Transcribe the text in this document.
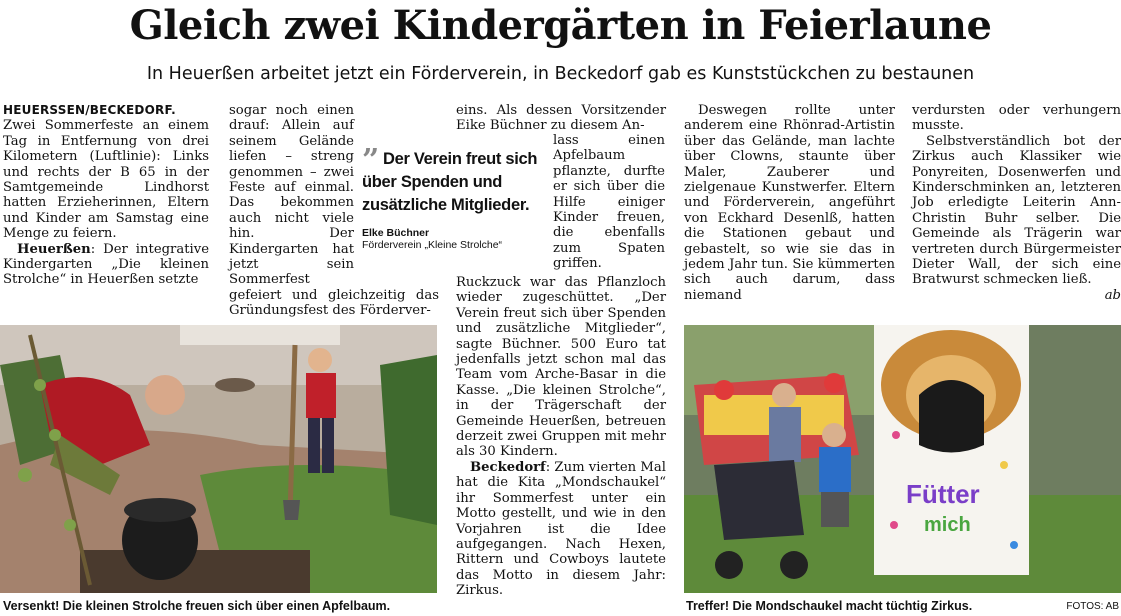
Gleich zwei Kindergärten in Feierlaune
In Heuerßen arbeitet jetzt ein Förderverein, in Beckedorf gab es Kunststückchen zu bestaunen

HEUERSSEN/BECKEDORF.

Zwei Sommerfeste an einem Tag in Entfernung von drei Kilometern (Luftlinie): Links und rechts der B 65 in der Samtgemeinde Lindhorst hatten Erzieherinnen, Eltern und Kinder am Samstag eine Menge zu feiern.

Heuerßen: Der integrative Kindergarten „Die kleinen Strolche“ in Heuerßen setzte

sogar noch einen drauf: Allein auf seinem Gelände liefen – streng genommen – zwei Feste auf einmal. Das bekommen auch nicht viele hin. Der Kindergarten hat jetzt sein Sommerfest

gefeiert und gleichzeitig das Gründungsfest des Förderver-

” Der Verein freut sich über Spenden und zusätzliche Mitglieder.
Elke Büchner
Förderverein „Kleine Strolche“

eins. Als dessen Vorsitzender Eike Büchner zu diesem An-

lass einen Apfelbaum pflanzte, durfte er sich über die Hilfe einiger Kinder freuen, die ebenfalls zum Spaten griffen.

Ruckzuck war das Pflanzloch wieder zugeschüttet. „Der Verein freut sich über Spenden und zusätzliche Mitglieder“, sagte Büchner. 500 Euro tat jedenfalls jetzt schon mal das Team vom Arche-Basar in die Kasse. „Die kleinen Strolche“, in der Trägerschaft der Gemeinde Heuerßen, betreuen derzeit zwei Gruppen mit mehr als 30 Kindern.

Beckedorf: Zum vierten Mal hat die Kita „Mondschaukel“ ihr Sommerfest unter ein Motto gestellt, und wie in den Vorjahren ist die Idee aufgegangen. Nach Hexen, Rittern und Cowboys lautete das Motto in diesem Jahr: Zirkus.

Deswegen rollte unter anderem eine Rhönrad-Artistin über das Gelände, man lachte über Clowns, staunte über Maler, Zauberer und zielgenaue Kunstwerfer. Eltern und Förderverein, angeführt von Eckhard Desenlß, hatten die Stationen gebaut und gebastelt, so wie sie das in jedem Jahr tun. Sie kümmerten sich auch darum, dass niemand

verdursten oder verhungern musste.

Selbstverständlich bot der Zirkus auch Klassiker wie Ponyreiten, Dosenwerfen und Kinderschminken an, letzteren Job erledigte Leiterin Ann-Christin Buhr selber. Die Gemeinde als Trägerin war vertreten durch Bürgermeister Dieter Wall, der sich eine Bratwurst schmecken ließ.
ab

Versenkt! Die kleinen Strolche freuen sich über einen Apfelbaum.
Fütter
mich
Treffer! Die Mondschaukel macht tüchtig Zirkus.	FOTOS: AB
